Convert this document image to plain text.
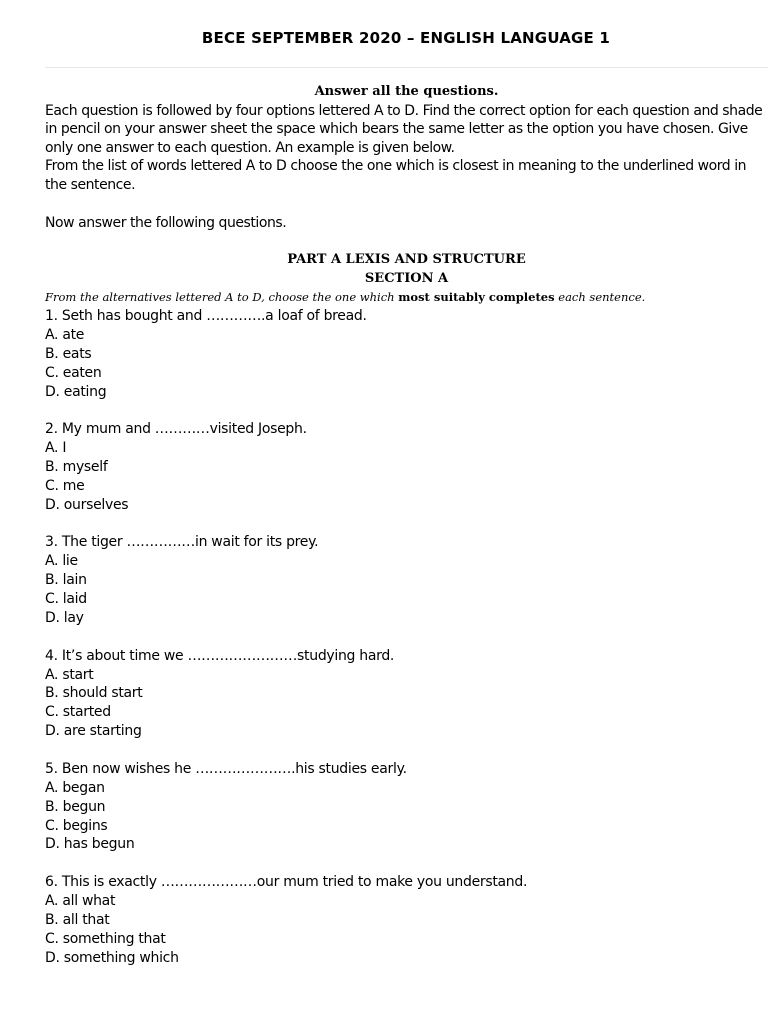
BECE SEPTEMBER 2020 – ENGLISH LANGUAGE 1
Answer all the questions.
Each question is followed by four options lettered A to D. Find the correct option for each question and shade in pencil on your answer sheet the space which bears the same letter as the option you have chosen. Give only one answer to each question. An example is given below.
From the list of words lettered A to D choose the one which is closest in meaning to the underlined word in the sentence.
Now answer the following questions.
PART A LEXIS AND STRUCTURE
SECTION A
From the alternatives lettered A to D, choose the one which most suitably completes each sentence.
1. Seth has bought and ………….a loaf of bread.
A. ate
B. eats
C. eaten
D. eating
2. My mum and …………visited Joseph.
A. I
B. myself
C. me
D. ourselves
3. The tiger ……………in wait for its prey.
A. lie
B. lain
C. laid
D. lay
4. It’s about time we ……………………studying hard.
A. start
B. should start
C. started
D. are starting
5. Ben now wishes he ………………….his studies early.
A. began
B. begun
C. begins
D. has begun
6. This is exactly …………………our mum tried to make you understand.
A. all what
B. all that
C. something that
D. something which
